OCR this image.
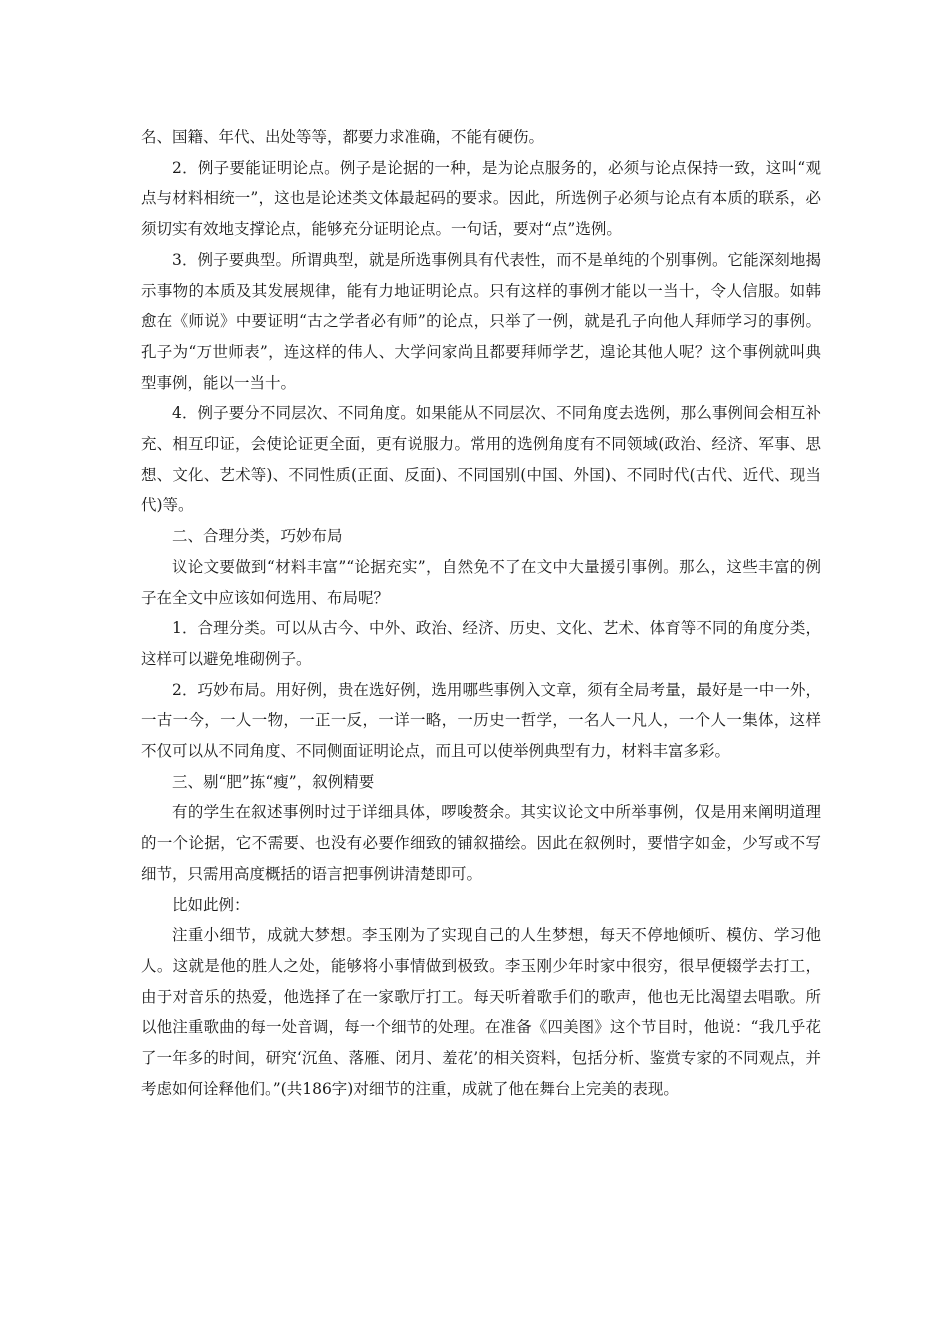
名、国籍、年代、出处等等，都要力求准确，不能有硬伤。

2．例子要能证明论点。例子是论据的一种，是为论点服务的，必须与论点保持一致，这叫“观点与材料相统一”，这也是论述类文体最起码的要求。因此，所选例子必须与论点有本质的联系，必须切实有效地支撑论点，能够充分证明论点。一句话，要对“点”选例。

3．例子要典型。所谓典型，就是所选事例具有代表性，而不是单纯的个别事例。它能深刻地揭示事物的本质及其发展规律，能有力地证明论点。只有这样的事例才能以一当十，令人信服。如韩愈在《师说》中要证明“古之学者必有师”的论点，只举了一例，就是孔子向他人拜师学习的事例。孔子为“万世师表”，连这样的伟人、大学问家尚且都要拜师学艺，遑论其他人呢？这个事例就叫典型事例，能以一当十。

4．例子要分不同层次、不同角度。如果能从不同层次、不同角度去选例，那么事例间会相互补充、相互印证，会使论证更全面，更有说服力。常用的选例角度有不同领域(政治、经济、军事、思想、文化、艺术等)、不同性质(正面、反面)、不同国别(中国、外国)、不同时代(古代、近代、现当代)等。

二、合理分类，巧妙布局

议论文要做到“材料丰富”“论据充实”，自然免不了在文中大量援引事例。那么，这些丰富的例子在全文中应该如何选用、布局呢？

1．合理分类。可以从古今、中外、政治、经济、历史、文化、艺术、体育等不同的角度分类，这样可以避免堆砌例子。

2．巧妙布局。用好例，贵在选好例，选用哪些事例入文章，须有全局考量，最好是一中一外，一古一今，一人一物，一正一反，一详一略，一历史一哲学，一名人一凡人，一个人一集体，这样不仅可以从不同角度、不同侧面证明论点，而且可以使举例典型有力，材料丰富多彩。

三、剔“肥”拣“瘦”，叙例精要

有的学生在叙述事例时过于详细具体，啰唆赘余。其实议论文中所举事例，仅是用来阐明道理的一个论据，它不需要、也没有必要作细致的铺叙描绘。因此在叙例时，要惜字如金，少写或不写细节，只需用高度概括的语言把事例讲清楚即可。

比如此例：

注重小细节，成就大梦想。李玉刚为了实现自己的人生梦想，每天不停地倾听、模仿、学习他人。这就是他的胜人之处，能够将小事情做到极致。李玉刚少年时家中很穷，很早便辍学去打工，由于对音乐的热爱，他选择了在一家歌厅打工。每天听着歌手们的歌声，他也无比渴望去唱歌。所以他注重歌曲的每一处音调，每一个细节的处理。在准备《四美图》这个节目时，他说：“我几乎花了一年多的时间，研究‘沉鱼、落雁、闭月、羞花’的相关资料，包括分析、鉴赏专家的不同观点，并考虑如何诠释他们。”(共186字)对细节的注重，成就了他在舞台上完美的表现。
